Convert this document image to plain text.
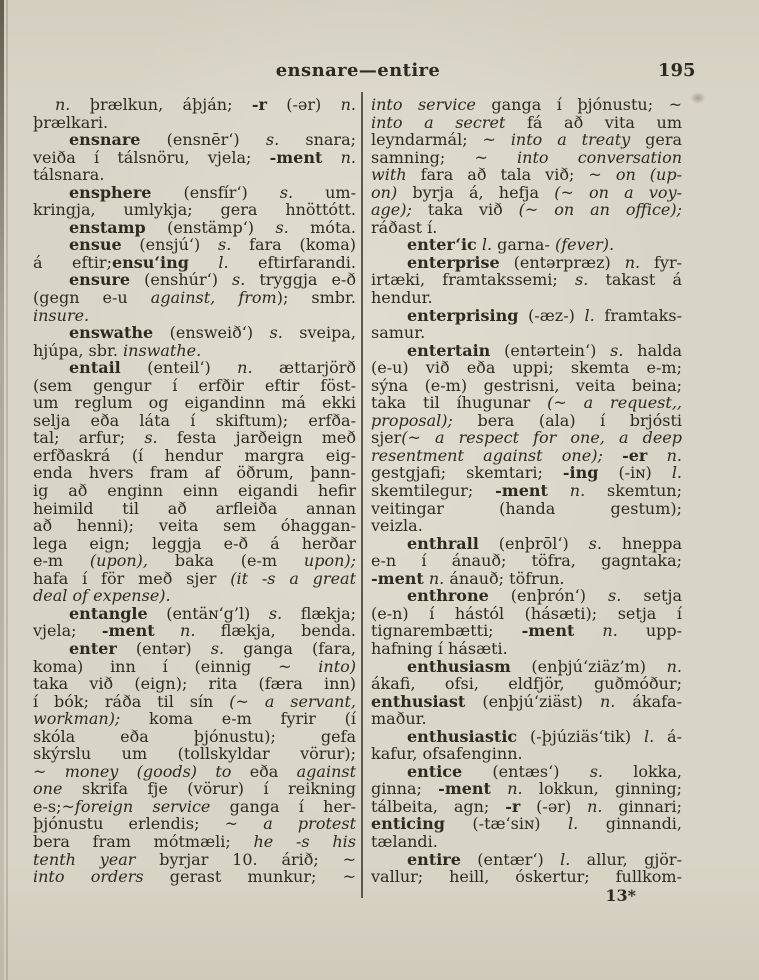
ensnare—entire	195
n. þrælkun, áþján; -r (-ər) n.
þrælkari.
ensnare (ensnēr‘) s. snara;
veiða í tálsnöru, vjela; -ment n.
tálsnara.
ensphere (ensfír‘) s. um-
kringja, umlykja; gera hnöttótt.
enstamp (enstämp‘) s. móta.
ensue (ensjú‘) s. fara (koma)
á eftir;ensu‘ing l. eftirfarandi.
ensure (enshúr‘) s. tryggja e-ð
(gegn e-u against, from); smbr.
insure.
enswathe (ensweið‘) s. sveipa,
hjúpa, sbr. inswathe.
entail (enteil‘) n. ættarjörð
(sem gengur í erfðir eftir föst-
um reglum og eigandinn má ekki
selja eða láta í skiftum); erfða-
tal; arfur; s. festa jarðeign með
erfðaskrá (í hendur margra eig-
enda hvers fram af öðrum, þann-
ig að enginn einn eigandi hefir
heimild til að arfleiða annan
að henni); veita sem óhaggan-
lega eign; leggja e-ð á herðar
e-m (upon), baka (e-m upon);
hafa í för með sjer (it -s a great
deal of expense).
entangle (entäɴ‘g’l) s. flækja;
vjela; -ment n. flækja, benda.
enter (entər) s. ganga (fara,
koma) inn í (einnig ~ into)
taka við (eign); rita (færa inn)
í bók; ráða til sín (~ a servant,
workman); koma e-m fyrir (í
skóla eða þjónustu); gefa
skýrslu um (tollskyldar vörur);
~ money (goods) to eða against
one skrifa fje (vörur) í reikning
e-s;~foreign service ganga í her-
þjónustu erlendis; ~ a protest
bera fram mótmæli; he -s his
tenth year byrjar 10. árið; ~
into orders gerast munkur; ~
into service ganga í þjónustu; ~
into a secret fá að vita um
leyndarmál; ~ into a treaty gera
samning; ~ into conversation
with fara að tala við; ~ on (up-
on) byrja á, hefja (~ on a voy-
age); taka við (~ on an office);
ráðast í.
enter‘ic l. garna- (fever).
enterprise (entərpræz) n. fyr-
irtæki, framtakssemi; s. takast á
hendur.
enterprising (-æz-) l. framtaks-
samur.
entertain (entərtein‘) s. halda
(e-u) við eða uppi; skemta e-m;
sýna (e-m) gestrisni, veita beina;
taka til íhugunar (~ a request,,
proposal); bera (ala) í brjósti
sjer(~ a respect for one, a deep
resentment against one); -er n.
gestgjafi; skemtari; -ing (-iɴ) l.
skemtilegur; -ment n. skemtun;
veitingar (handa gestum);
veizla.
enthrall (enþrōl‘) s. hneppa
e-n í ánauð; töfra, gagntaka;
-ment n. ánauð; töfrun.
enthrone (enþrón‘) s. setja
(e-n) í hástól (hásæti); setja í
tignarembætti; -ment n. upp-
hafning í hásæti.
enthusiasm (enþjú‘ziäz’m) n.
ákafi, ofsi, eldfjör, guðmóður;
enthusiast (enþjú‘ziäst) n. ákafa-
maður.
enthusiastic (-þjúziäs‘tik) l. á-
kafur, ofsafenginn.
entice (entæs‘) s. lokka,
ginna; -ment n. lokkun, ginning;
tálbeita, agn; -r (-ər) n. ginnari;
enticing (-tæ‘siɴ) l. ginnandi,
tælandi.
entire (entær‘) l. allur, gjör-
vallur; heill, óskertur; fullkom-
13*
